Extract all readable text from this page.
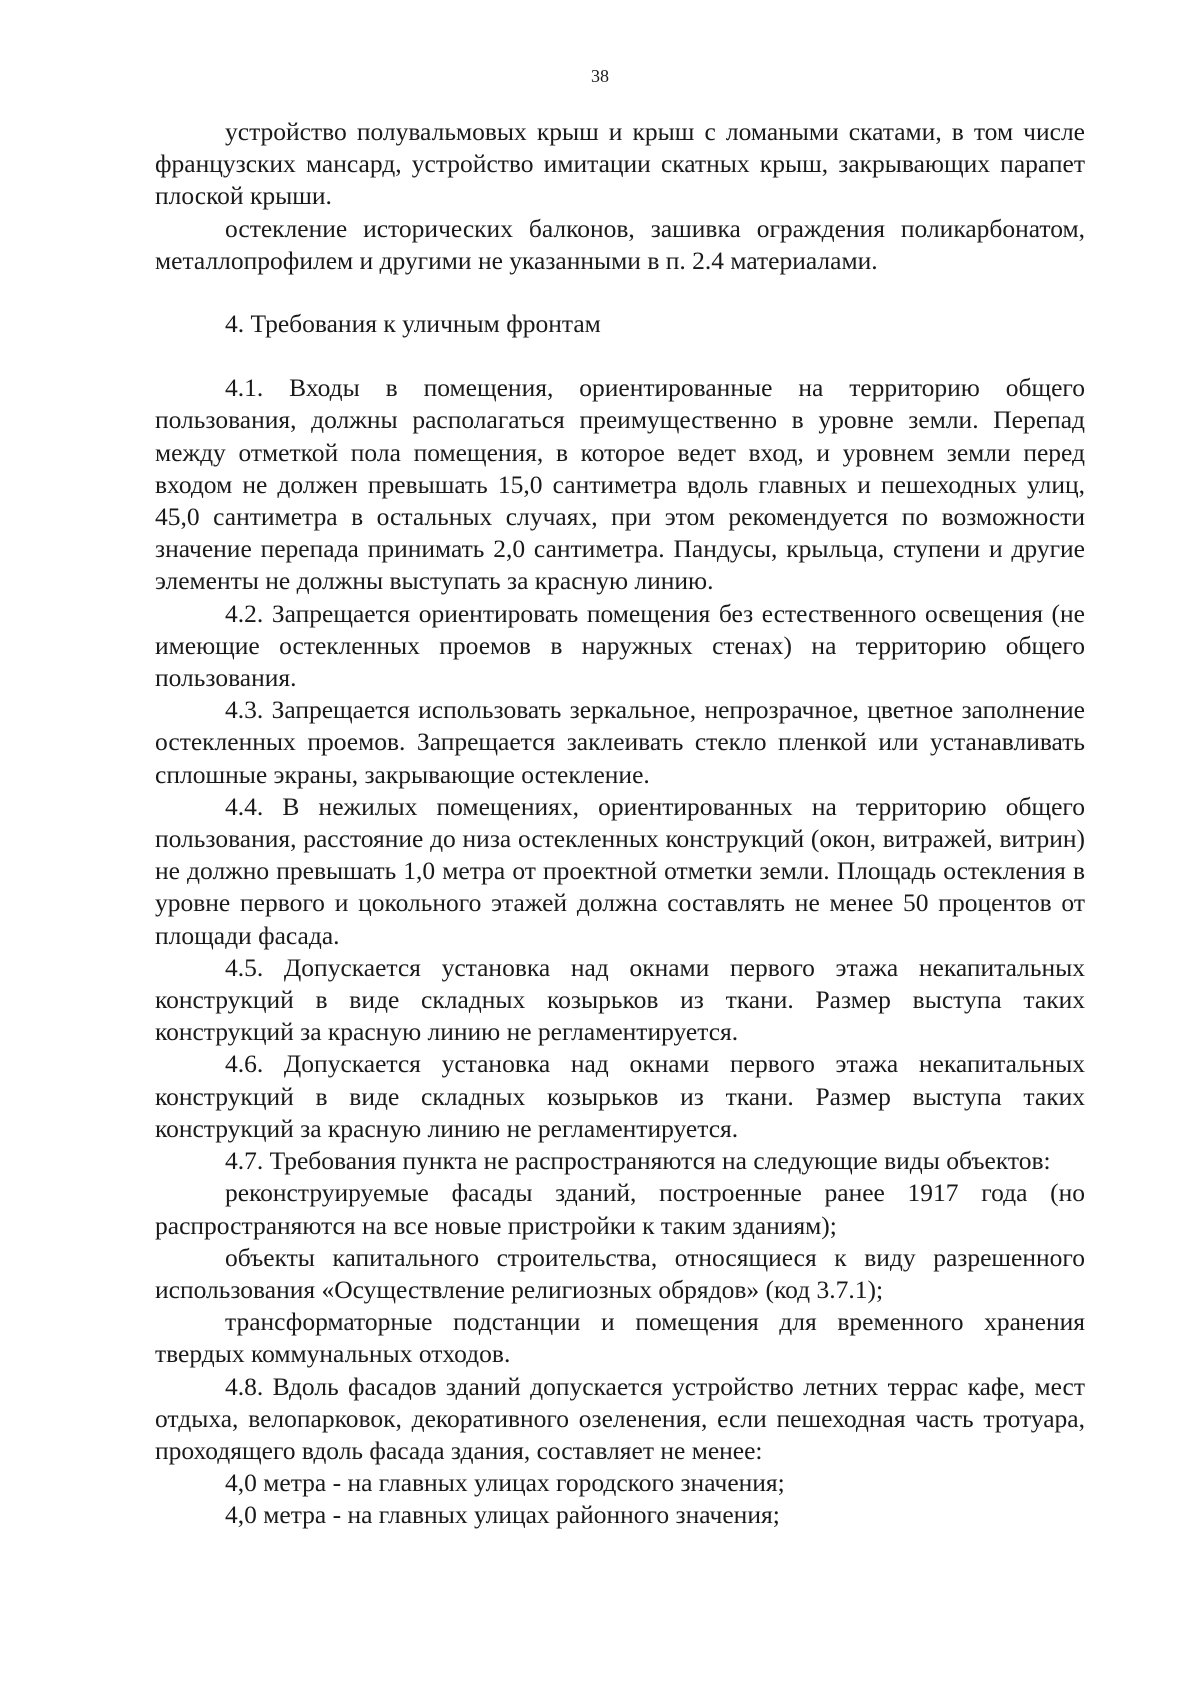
38

устройство полувальмовых крыш и крыш с ломаными скатами, в том числе французских мансард, устройство имитации скатных крыш, закрывающих парапет плоской крыши.

остекление исторических балконов, зашивка ограждения поликарбонатом, металлопрофилем и другими не указанными в п. 2.4 материалами.

4. Требования к уличным фронтам

4.1. Входы в помещения, ориентированные на территорию общего пользования, должны располагаться преимущественно в уровне земли. Перепад между отметкой пола помещения, в которое ведет вход, и уровнем земли перед входом не должен превышать 15,0 сантиметра вдоль главных и пешеходных улиц, 45,0 сантиметра в остальных случаях, при этом рекомендуется по возможности значение перепада принимать 2,0 сантиметра. Пандусы, крыльца, ступени и другие элементы не должны выступать за красную линию.

4.2. Запрещается ориентировать помещения без естественного освещения (не имеющие остекленных проемов в наружных стенах) на территорию общего пользования.

4.3. Запрещается использовать зеркальное, непрозрачное, цветное заполнение остекленных проемов. Запрещается заклеивать стекло пленкой или устанавливать сплошные экраны, закрывающие остекление.

4.4. В нежилых помещениях, ориентированных на территорию общего пользования, расстояние до низа остекленных конструкций (окон, витражей, витрин) не должно превышать 1,0 метра от проектной отметки земли. Площадь остекления в уровне первого и цокольного этажей должна составлять не менее 50 процентов от площади фасада.

4.5. Допускается установка над окнами первого этажа некапитальных конструкций в виде складных козырьков из ткани. Размер выступа таких конструкций за красную линию не регламентируется.

4.6. Допускается установка над окнами первого этажа некапитальных конструкций в виде складных козырьков из ткани. Размер выступа таких конструкций за красную линию не регламентируется.

4.7. Требования пункта не распространяются на следующие виды объектов:

реконструируемые фасады зданий, построенные ранее 1917 года (но распространяются на все новые пристройки к таким зданиям);

объекты капитального строительства, относящиеся к виду разрешенного использования «Осуществление религиозных обрядов» (код 3.7.1);

трансформаторные подстанции и помещения для временного хранения твердых коммунальных отходов.

4.8. Вдоль фасадов зданий допускается устройство летних террас кафе, мест отдыха, велопарковок, декоративного озеленения, если пешеходная часть тротуара, проходящего вдоль фасада здания, составляет не менее:

4,0 метра - на главных улицах городского значения;

4,0 метра - на главных улицах районного значения;
